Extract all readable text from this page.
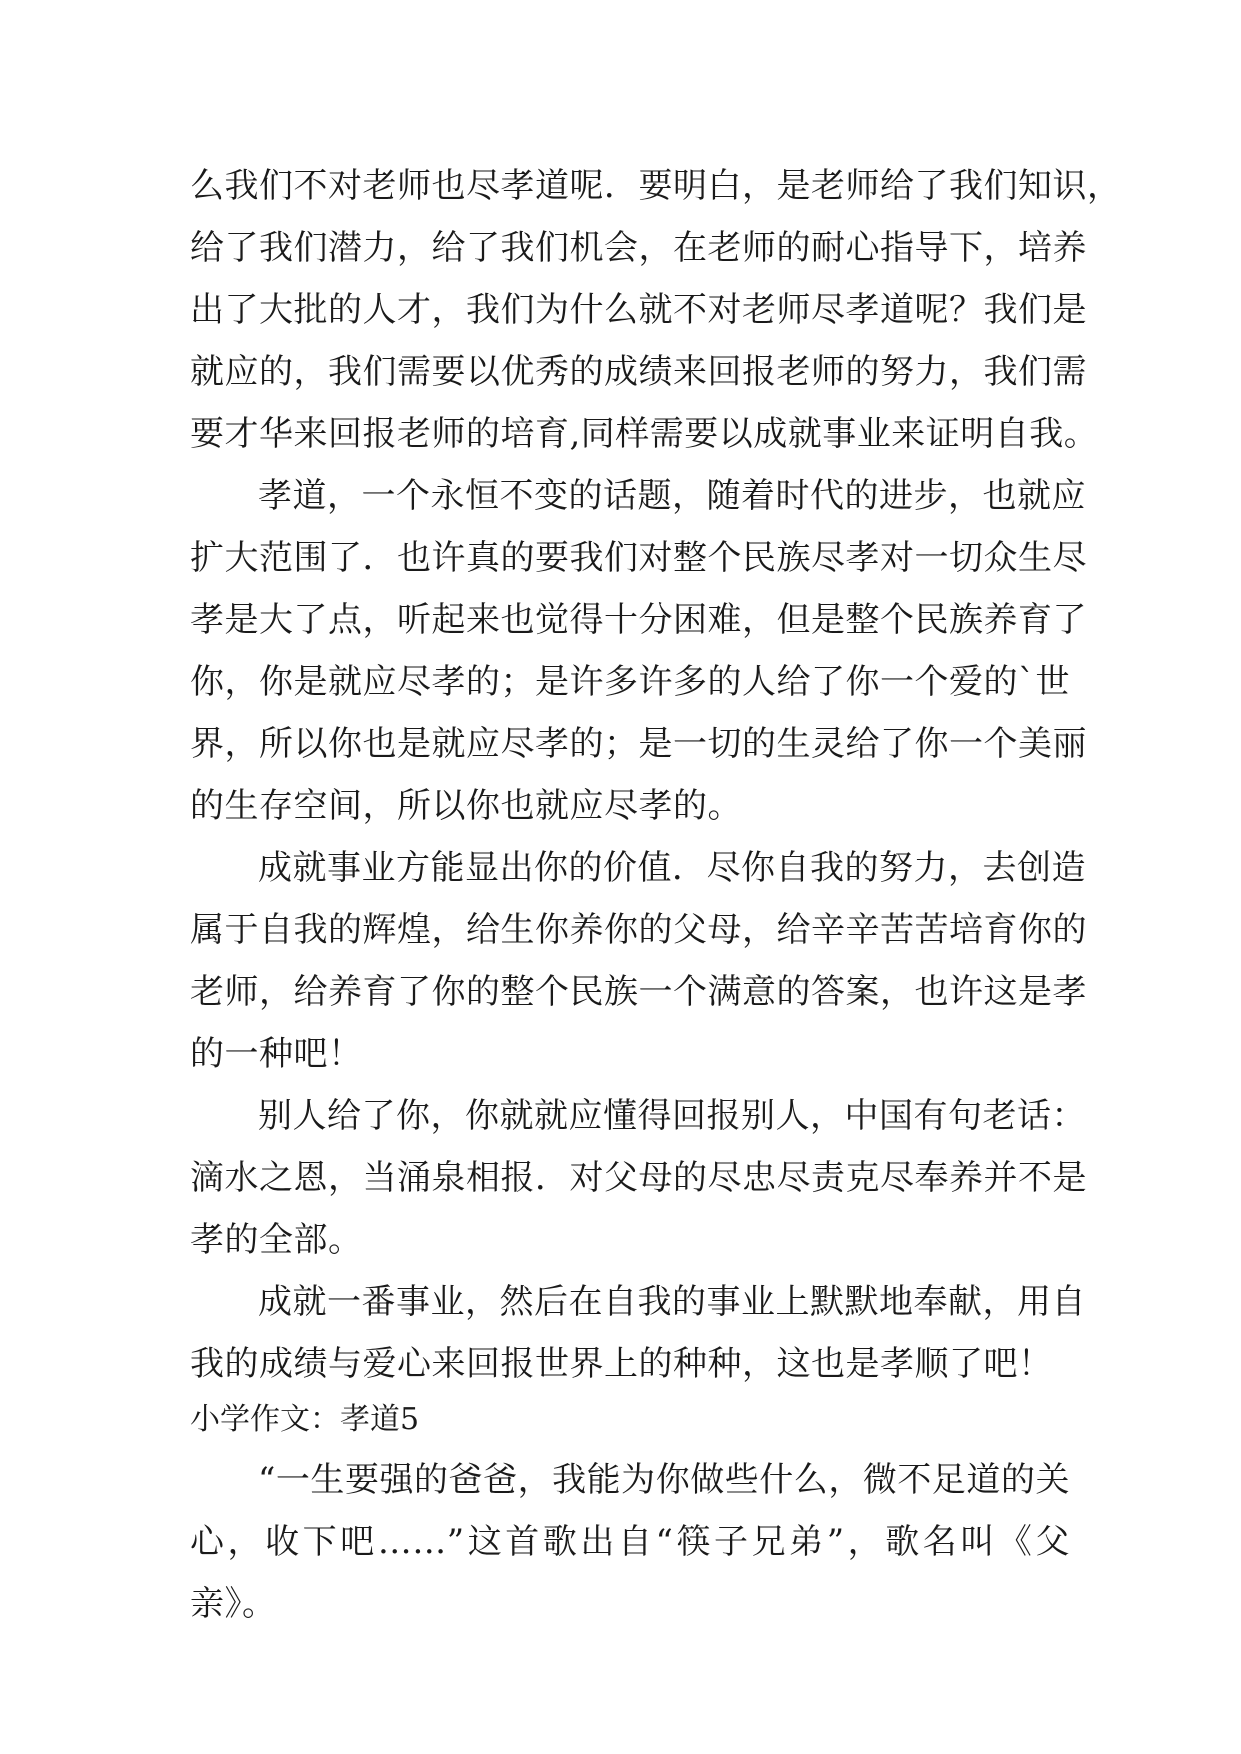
么我们不对老师也尽孝道呢．要明白，是老师给了我们知识，
给了我们潜力，给了我们机会，在老师的耐心指导下，培养
出了大批的人才，我们为什么就不对老师尽孝道呢？我们是
就应的，我们需要以优秀的成绩来回报老师的努力，我们需
要才华来回报老师的培育,同样需要以成就事业来证明自我。
孝道，一个永恒不变的话题，随着时代的进步，也就应
扩大范围了．也许真的要我们对整个民族尽孝对一切众生尽
孝是大了点，听起来也觉得十分困难，但是整个民族养育了
你，你是就应尽孝的；是许多许多的人给了你一个爱的`世
界，所以你也是就应尽孝的；是一切的生灵给了你一个美丽
的生存空间，所以你也就应尽孝的。
成就事业方能显出你的价值．尽你自我的努力，去创造
属于自我的辉煌，给生你养你的父母，给辛辛苦苦培育你的
老师，给养育了你的整个民族一个满意的答案，也许这是孝
的一种吧！
别人给了你，你就就应懂得回报别人，中国有句老话：
滴水之恩，当涌泉相报．对父母的尽忠尽责克尽奉养并不是
孝的全部。
成就一番事业，然后在自我的事业上默默地奉献，用自
我的成绩与爱心来回报世界上的种种，这也是孝顺了吧！
小学作文：孝道5
“一生要强的爸爸，我能为你做些什么，微不足道的关
心，收下吧……”这首歌出自“筷子兄弟”，歌名叫《父
亲》。
